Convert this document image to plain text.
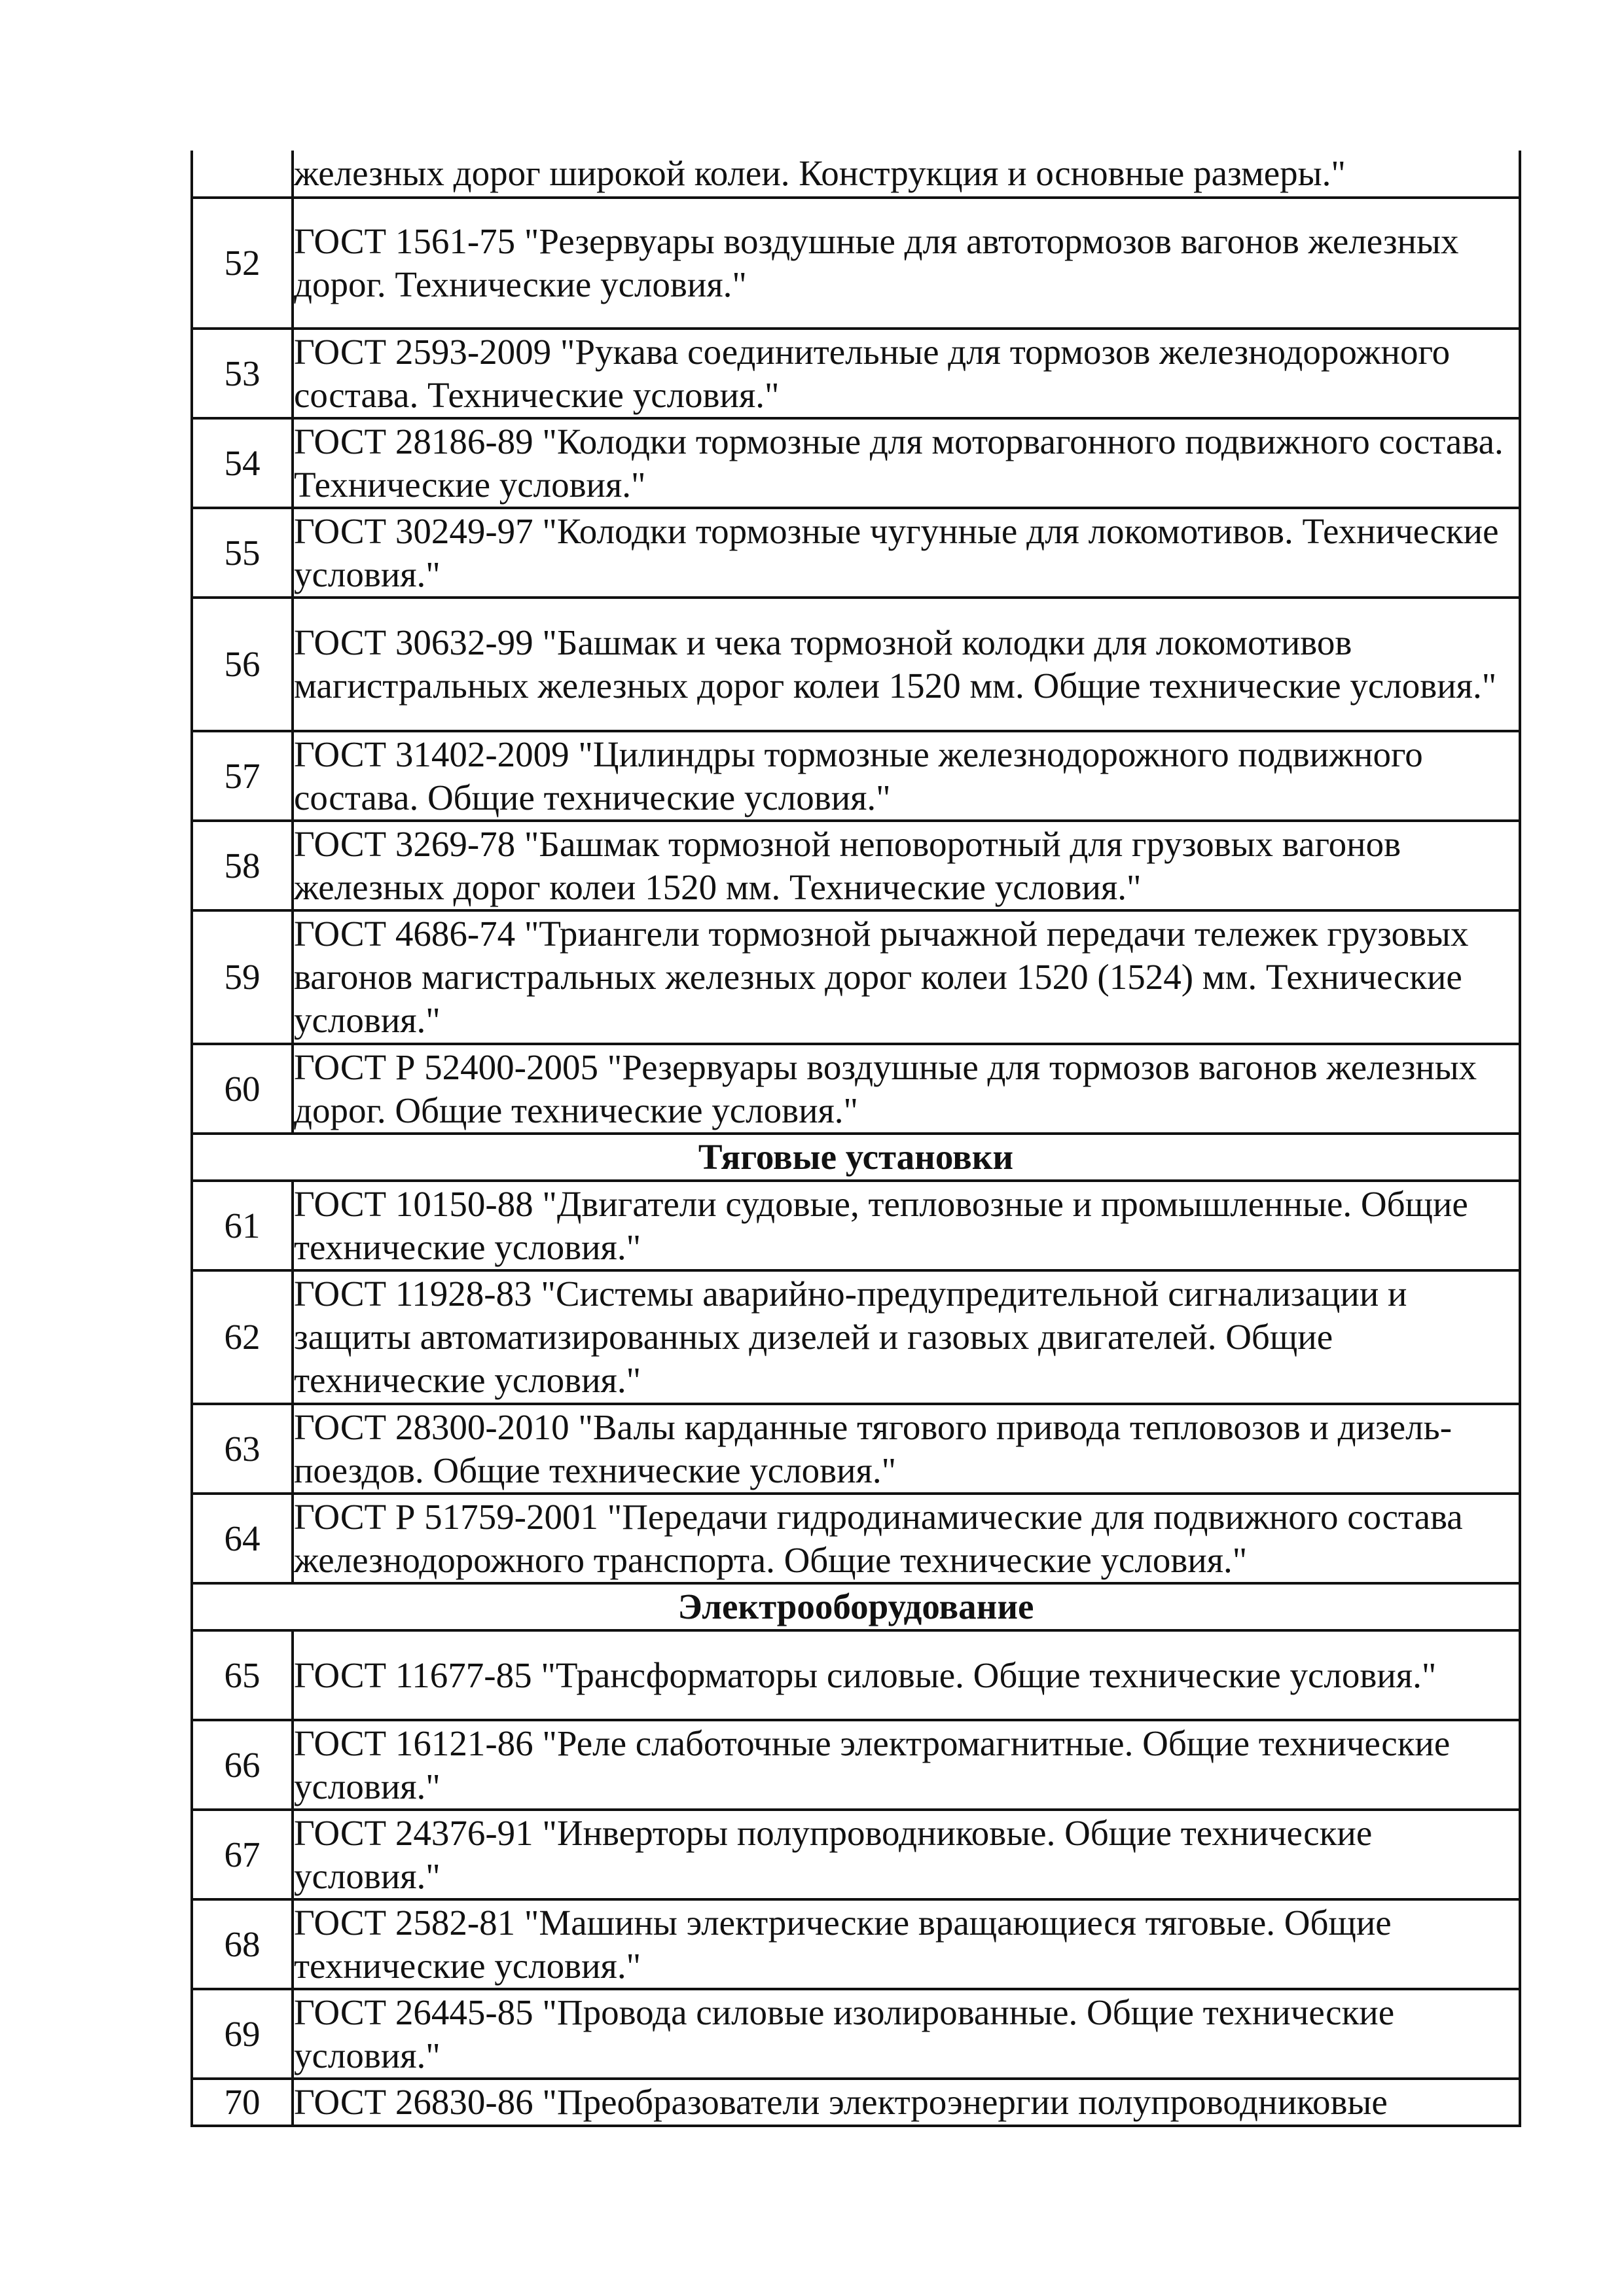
	железных дорог широкой колеи. Конструкция и основные размеры."
52	ГОСТ 1561-75 "Резервуары воздушные для автотормозов вагонов железных дорог. Технические условия."
53	ГОСТ 2593-2009 "Рукава соединительные для тормозов железнодорожного состава. Технические условия."
54	ГОСТ 28186-89 "Колодки тормозные для моторвагонного подвижного состава. Технические условия."
55	ГОСТ 30249-97 "Колодки тормозные чугунные для локомотивов. Технические условия."
56	ГОСТ 30632-99 "Башмак и чека тормозной колодки для локомотивов магистральных железных дорог колеи 1520 мм. Общие технические условия."
57	ГОСТ 31402-2009 "Цилиндры тормозные железнодорожного подвижного состава. Общие технические условия."
58	ГОСТ 3269-78 "Башмак тормозной неповоротный для грузовых вагонов железных дорог колеи 1520 мм. Технические условия."
59	ГОСТ 4686-74 "Триангели тормозной рычажной передачи тележек грузовых вагонов магистральных железных дорог колеи 1520 (1524) мм. Технические условия."
60	ГОСТ Р 52400-2005 "Резервуары воздушные для тормозов вагонов железных дорог. Общие технические условия."
Тяговые установки	
61	ГОСТ 10150-88 "Двигатели судовые, тепловозные и промышленные. Общие технические условия."
62	ГОСТ 11928-83 "Системы аварийно-предупредительной сигнализации и защиты автоматизированных дизелей и газовых двигателей. Общие технические условия."
63	ГОСТ 28300-2010 "Валы карданные тягового привода тепловозов и дизель-поездов. Общие технические условия."
64	ГОСТ Р 51759-2001 "Передачи гидродинамические для подвижного состава железнодорожного транспорта. Общие технические условия."
Электрооборудование	
65	ГОСТ 11677-85 "Трансформаторы силовые. Общие технические условия."
66	ГОСТ 16121-86 "Реле слаботочные электромагнитные. Общие технические условия."
67	ГОСТ 24376-91 "Инверторы полупроводниковые. Общие технические условия."
68	ГОСТ 2582-81 "Машины электрические вращающиеся тяговые. Общие технические условия."
69	ГОСТ 26445-85 "Провода силовые изолированные. Общие технические условия."
70	ГОСТ 26830-86 "Преобразователи электроэнергии полупроводниковые
